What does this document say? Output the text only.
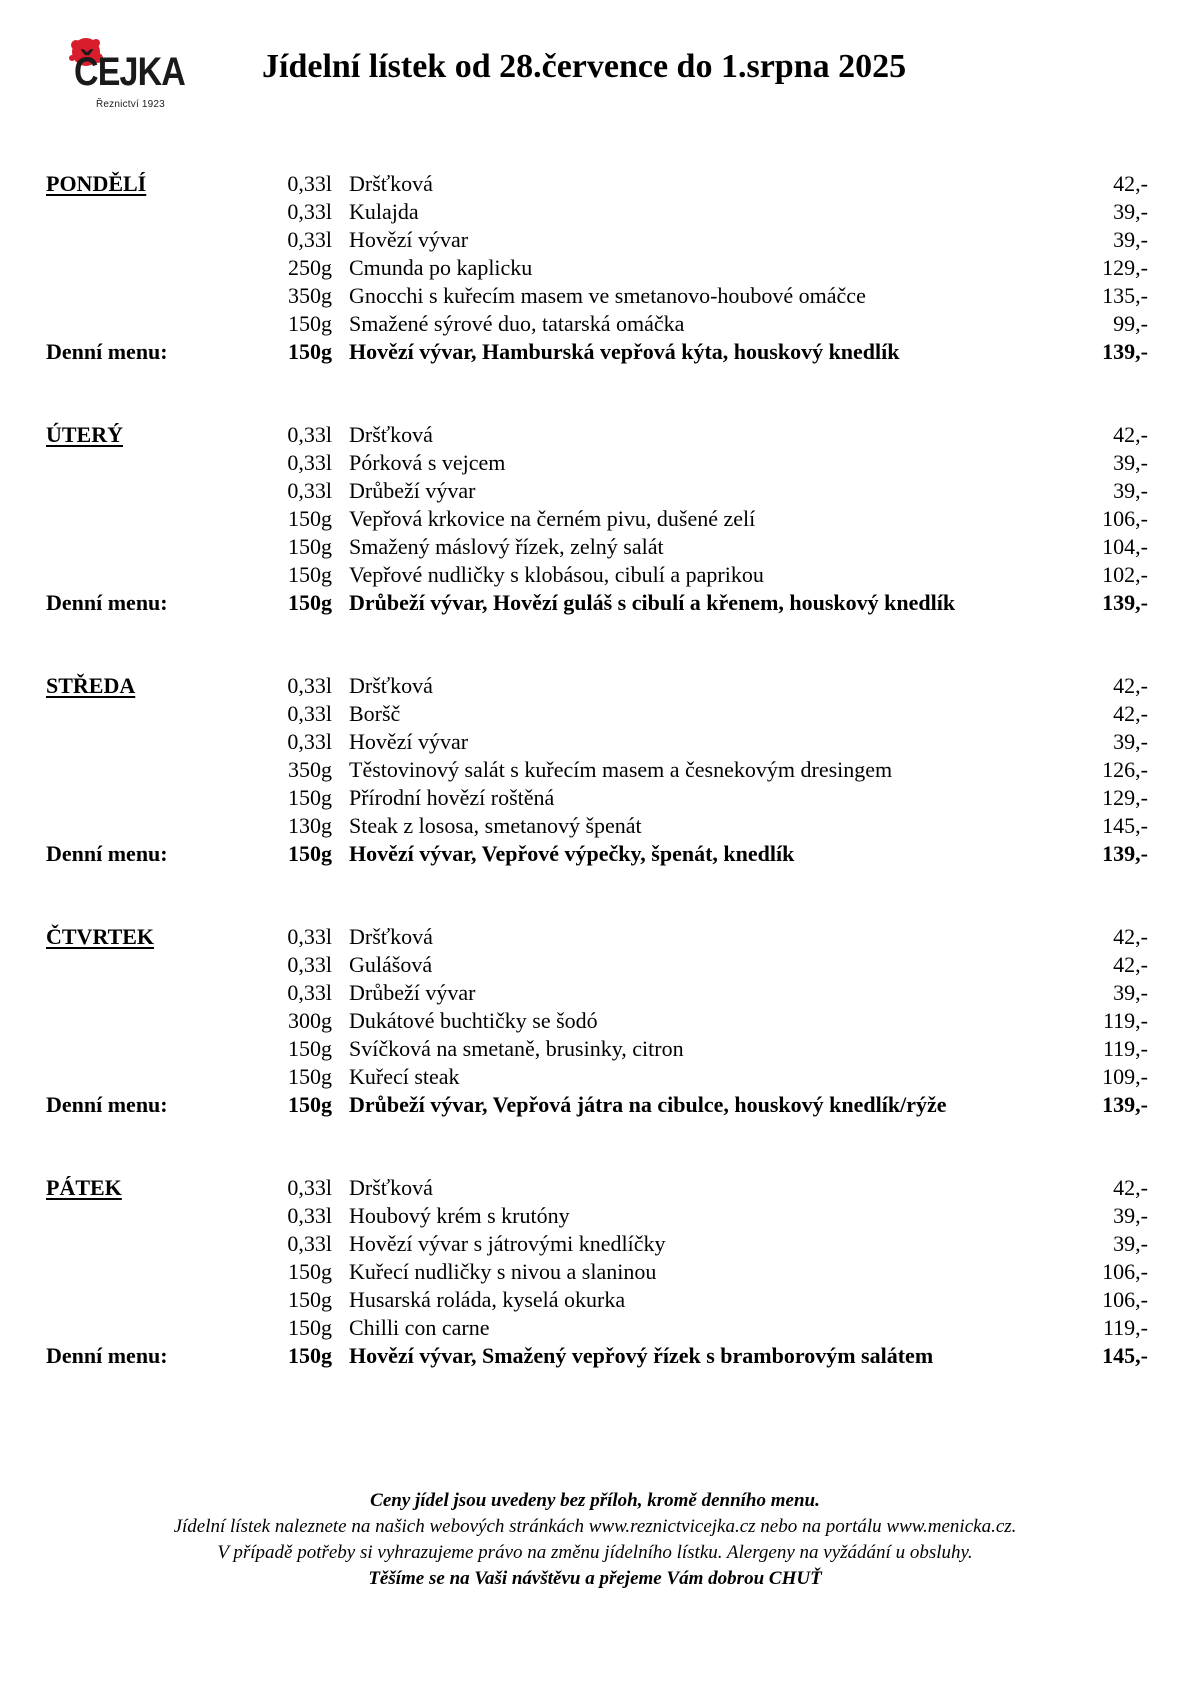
ČEJKA
Řeznictví 1923
Jídelní lístek od 28.července do 1.srpna 2025
PONDĚLÍ	0,33l Dršťková	42,-
0,33l Kulajda	39,-
0,33l Hovězí vývar	39,-
250g Cmunda po kaplicku	129,-
350g Gnocchi s kuřecím masem ve smetanovo-houbové omáčce	135,-
150g Smažené sýrové duo, tatarská omáčka	99,-
Denní menu:	150g Hovězí vývar, Hamburská vepřová kýta, houskový knedlík	139,-
ÚTERÝ	0,33l Dršťková	42,-
0,33l Pórková s vejcem	39,-
0,33l Drůbeží vývar	39,-
150g Vepřová krkovice na černém pivu, dušené zelí	106,-
150g Smažený máslový řízek, zelný salát	104,-
150g Vepřové nudličky s klobásou, cibulí a paprikou	102,-
Denní menu:	150g Drůbeží vývar, Hovězí guláš s cibulí a křenem, houskový knedlík	139,-
STŘEDA	0,33l Dršťková	42,-
0,33l Boršč	42,-
0,33l Hovězí vývar	39,-
350g Těstovinový salát s kuřecím masem a česnekovým dresingem	126,-
150g Přírodní hovězí roštěná	129,-
130g Steak z lososa, smetanový špenát	145,-
Denní menu:	150g Hovězí vývar, Vepřové výpečky, špenát, knedlík	139,-
ČTVRTEK	0,33l Dršťková	42,-
0,33l Gulášová	42,-
0,33l Drůbeží vývar	39,-
300g Dukátové buchtičky se šodó	119,-
150g Svíčková na smetaně, brusinky, citron	119,-
150g Kuřecí steak	109,-
Denní menu:	150g Drůbeží vývar, Vepřová játra na cibulce, houskový knedlík/rýže	139,-
PÁTEK	0,33l Dršťková	42,-
0,33l Houbový krém s krutóny	39,-
0,33l Hovězí vývar s játrovými knedlíčky	39,-
150g Kuřecí nudličky s nivou a slaninou	106,-
150g Husarská roláda, kyselá okurka	106,-
150g Chilli con carne	119,-
Denní menu:	150g Hovězí vývar, Smažený vepřový řízek s bramborovým salátem	145,-
Ceny jídel jsou uvedeny bez příloh, kromě denního menu.
Jídelní lístek naleznete na našich webových stránkách www.reznictvicejka.cz nebo na portálu www.menicka.cz.
V případě potřeby si vyhrazujeme právo na změnu jídelního lístku. Alergeny na vyžádání u obsluhy.
Těšíme se na Vaši návštěvu a přejeme Vám dobrou CHUŤ
